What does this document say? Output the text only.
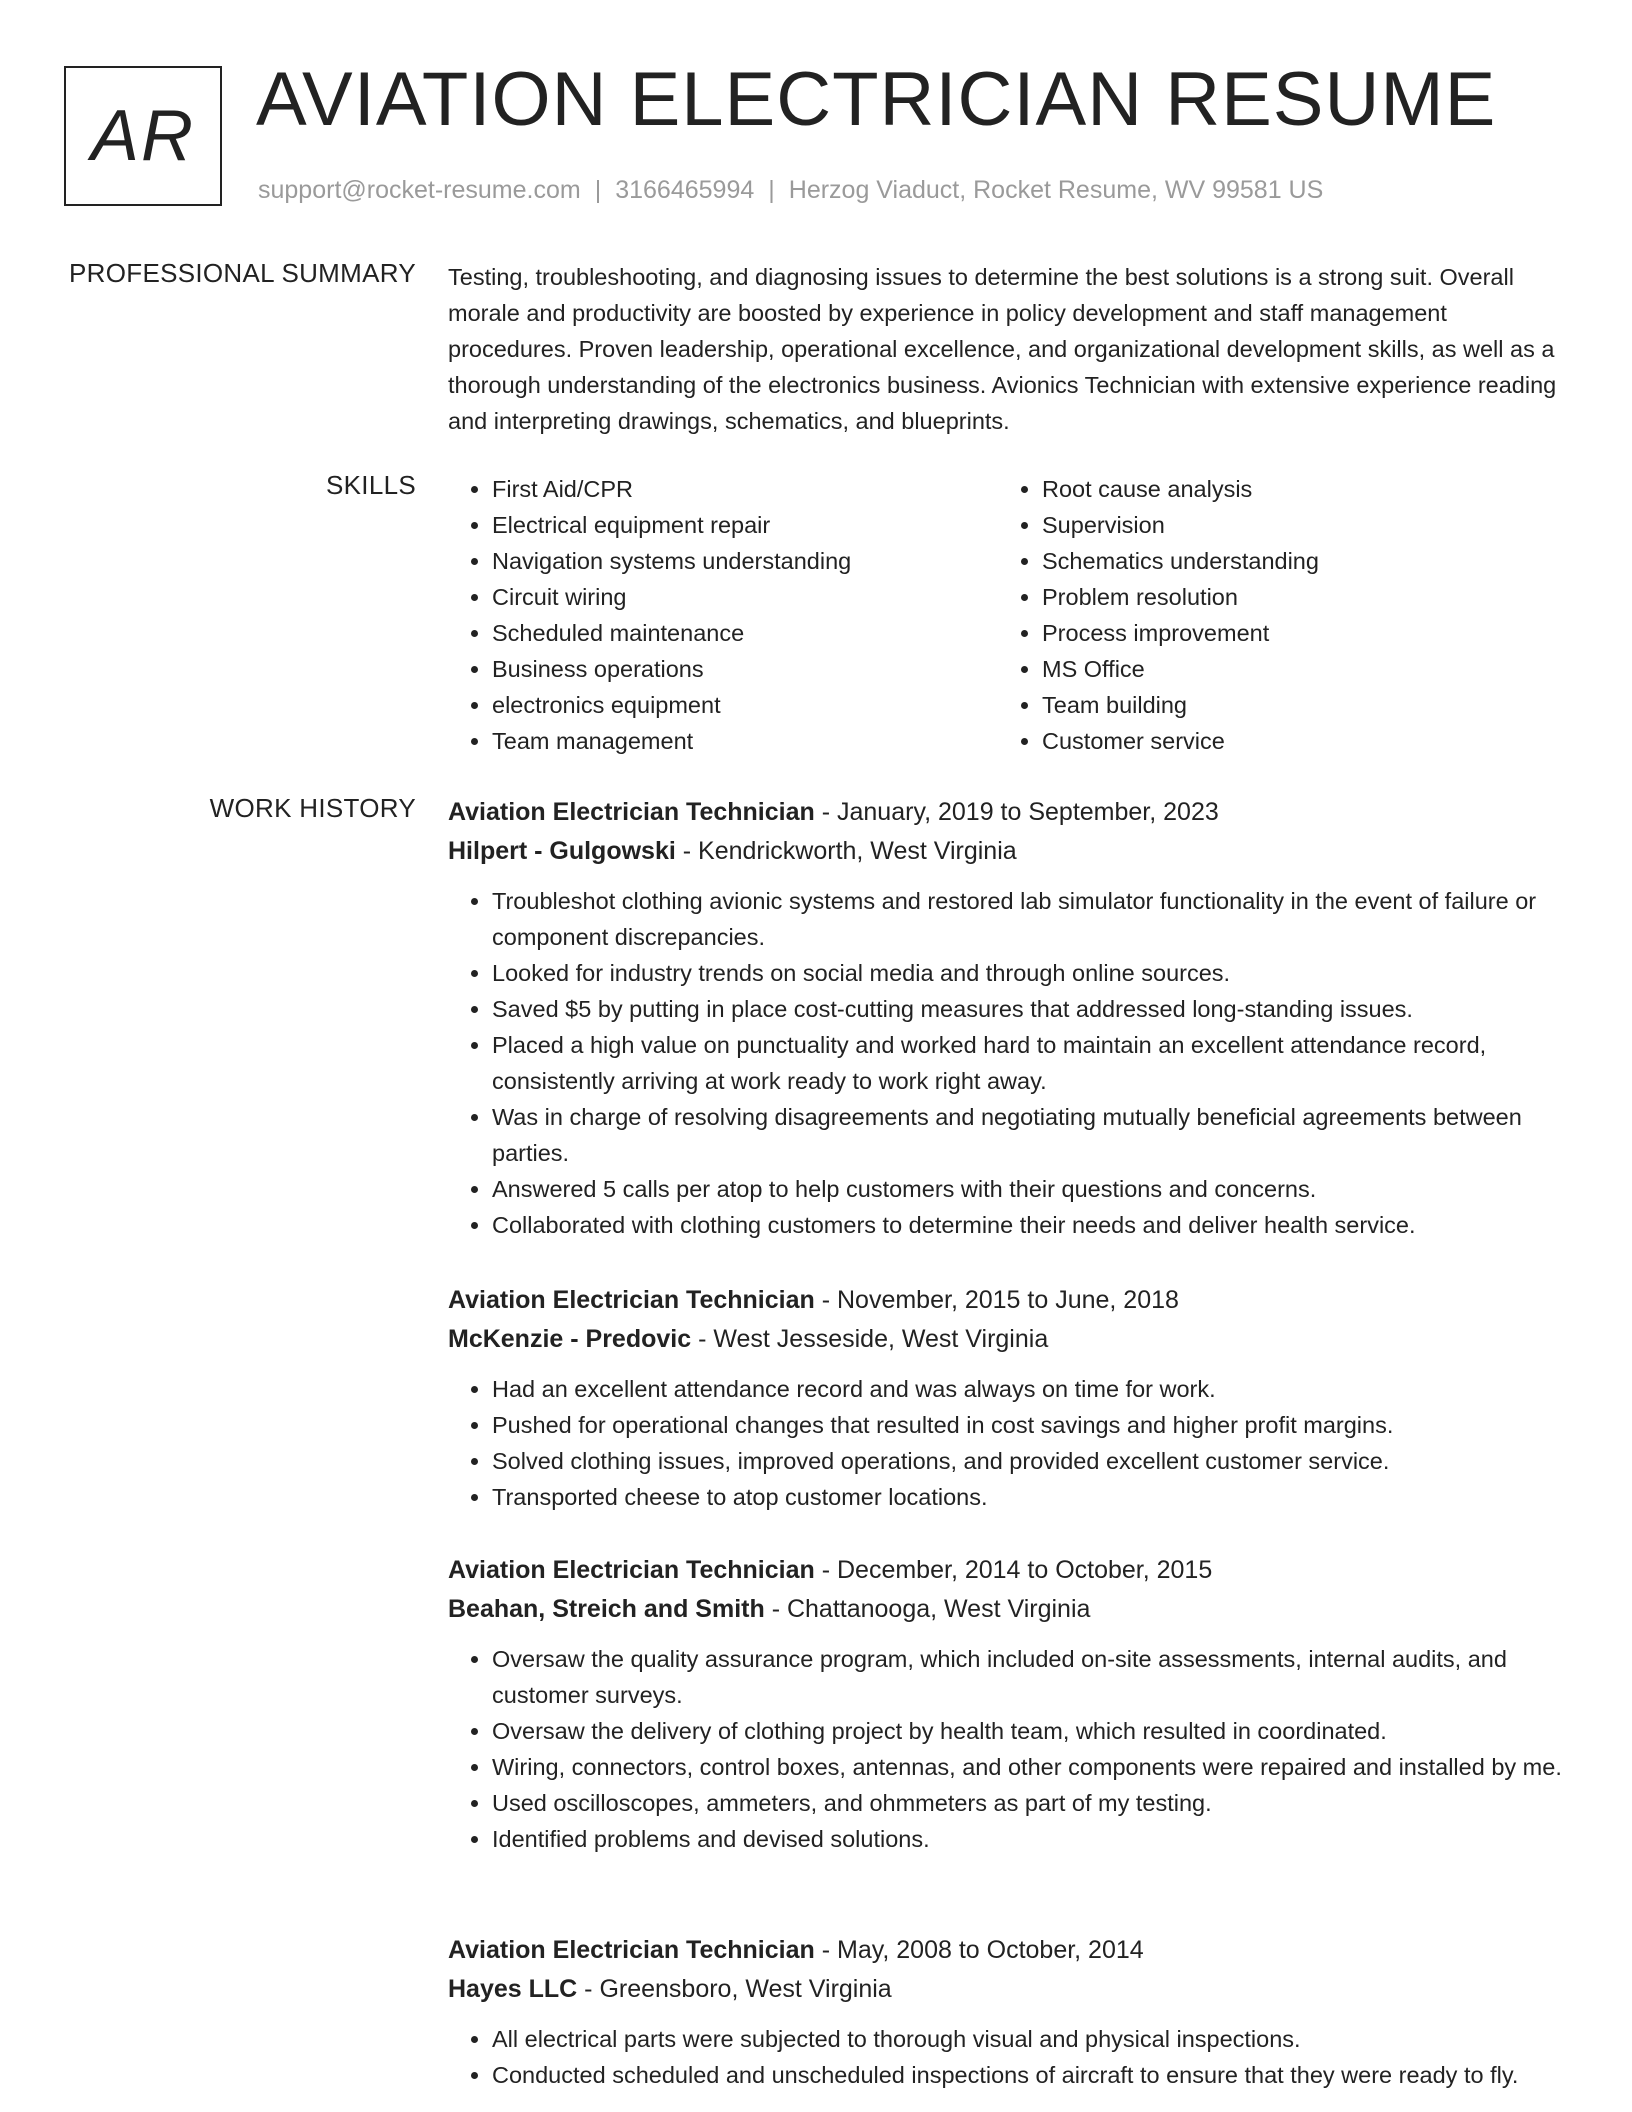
AR AVIATION ELECTRICIAN RESUME
support@rocket-resume.com | 3166465994 | Herzog Viaduct, Rocket Resume, WV 99581 US
PROFESSIONAL SUMMARY Testing, troubleshooting, and diagnosing issues to determine the best solutions is a strong suit. Overall morale and productivity are boosted by experience in policy development and staff management procedures. Proven leadership, operational excellence, and organizational development skills, as well as a thorough understanding of the electronics business. Avionics Technician with extensive experience reading and interpreting drawings, schematics, and blueprints.

SKILLS
•	First Aid/CPR
• Electrical equipment repair
• Navigation systems understanding
• Circuit wiring
• Scheduled maintenance
• Business operations
• electronics equipment
• Team management
• Root cause analysis
• Supervision
• Schematics understanding
• Problem resolution
• Process improvement
• MS Office
• Team building
• Customer service
WORK HISTORY Aviation Electrician Technician - January, 2019 to September, 2023
Hilpert - Gulgowski - Kendrickworth, West Virginia
• Troubleshot clothing avionic systems and restored lab simulator functionality in the event of failure or component discrepancies.
• Looked for industry trends on social media and through online sources.
• Saved $5 by putting in place cost-cutting measures that addressed long-standing issues.
• Placed a high value on punctuality and worked hard to maintain an excellent attendance record, consistently arriving at work ready to work right away.
• Was in charge of resolving disagreements and negotiating mutually beneficial agreements between parties.
• Answered 5 calls per atop to help customers with their questions and concerns.
• Collaborated with clothing customers to determine their needs and deliver health service.
Aviation Electrician Technician - November, 2015 to June, 2018
McKenzie - Predovic - West Jesseside, West Virginia
• Had an excellent attendance record and was always on time for work.
• Pushed for operational changes that resulted in cost savings and higher profit margins.
• Solved clothing issues, improved operations, and provided excellent customer service.
• Transported cheese to atop customer locations.
Aviation Electrician Technician - December, 2014 to October, 2015
Beahan, Streich and Smith - Chattanooga, West Virginia
• Oversaw the quality assurance program, which included on-site assessments, internal audits, and customer surveys.
• Oversaw the delivery of clothing project by health team, which resulted in coordinated.
• Wiring, connectors, control boxes, antennas, and other components were repaired and installed by me.
• Used oscilloscopes, ammeters, and ohmmeters as part of my testing.
• Identified problems and devised solutions.
Aviation Electrician Technician - May, 2008 to October, 2014
Hayes LLC - Greensboro, West Virginia
• All electrical parts were subjected to thorough visual and physical inspections.
• Conducted scheduled and unscheduled inspections of aircraft to ensure that they were ready to fly.
